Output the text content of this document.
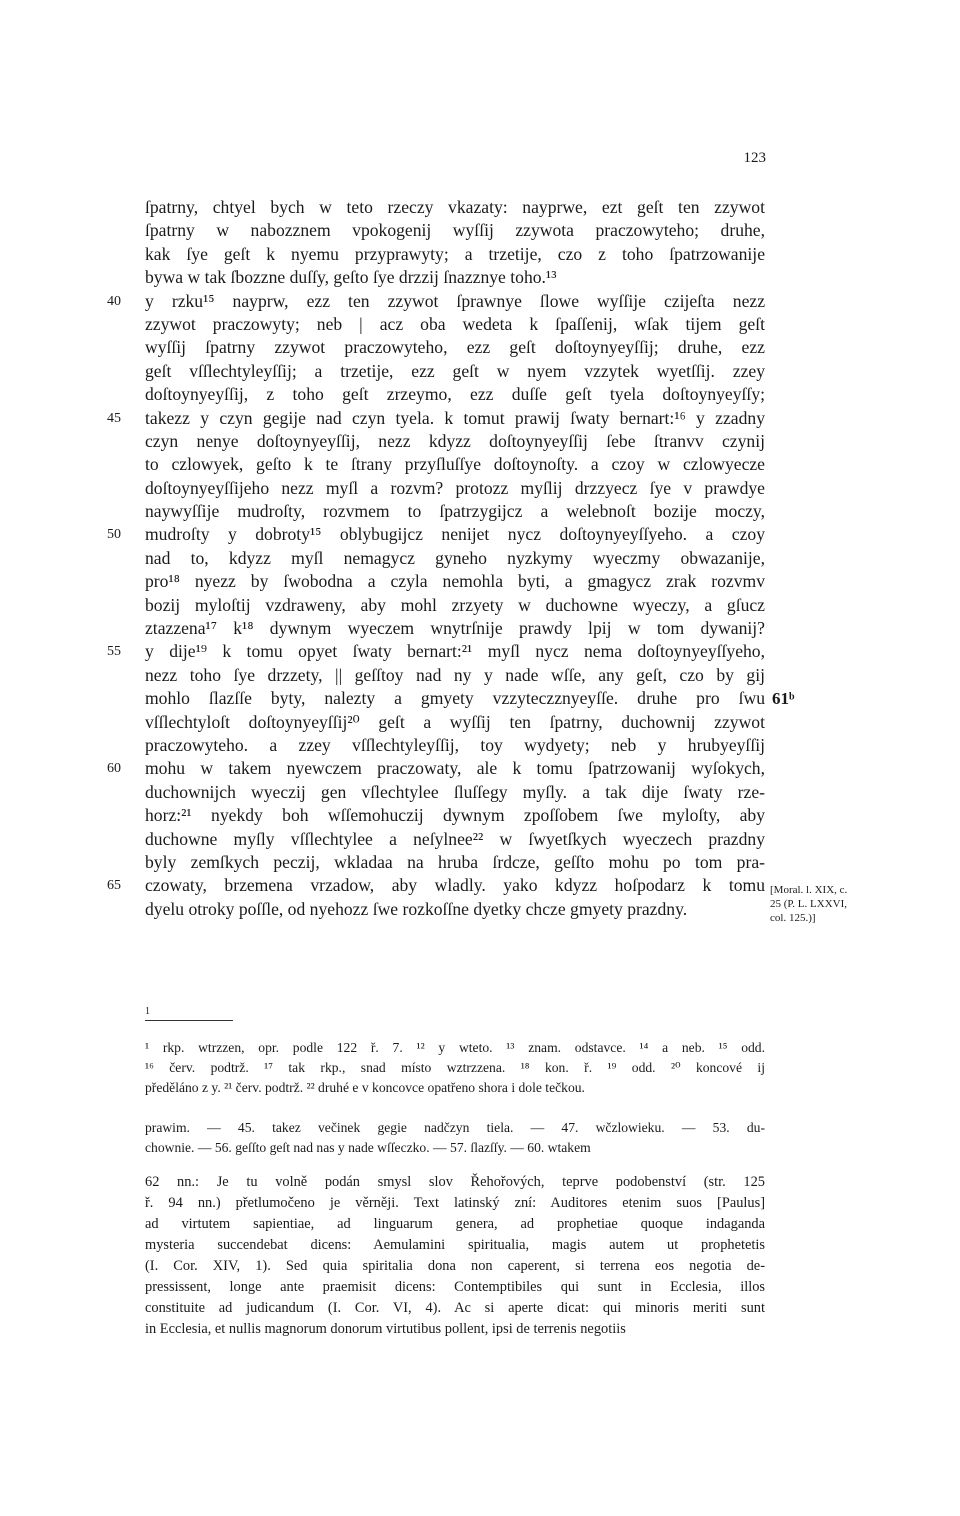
123
ſpatrny, chtyel bych w teto rzeczy vkazaty: nayprwe, ezt geſt ten zzywot
ſpatrny w nabozznem vpokogenij wyſſij zzywota praczowyteho; druhe,
kak ſye geſt k nyemu przyprawyty; a trzetije, czo z toho ſpatrzowanije
bywa w tak ſbozzne duſſy, geſto ſye drzzij ſnazznye toho.¹³
40	y rzku¹⁵ nayprw, ezz ten zzywot ſprawnye ſlowe wyſſije czijeſta nezz
zzywot praczowyty; neb | acz oba wedeta k ſpaſſenij, wſak tijem geſt
wyſſij ſpatrny zzywot praczowyteho, ezz geſt doſtoynyeyſſij; druhe, ezz
geſt vſſlechtyleyſſij; a trzetije, ezz geſt w nyem vzzytek wyetſſij. zzey
doſtoynyeyſſij, z toho geſt zrzeymo, ezz duſſe geſt tyela doſtoynyeyſſy;
45	takezz y czyn gegije nad czyn tyela. k tomut prawij ſwaty bernart:¹⁶ y zzadny
czyn nenye doſtoynyeyſſij, nezz kdyzz doſtoynyeyſſij ſebe ſtranvv czynij
to czlowyek, geſto k te ſtrany przyſluſſye doſtoynoſty. a czoy w czlowyecze
doſtoynyeyſſijeho nezz myſl a rozvm? protozz myſlij drzzyecz ſye v prawdye
naywyſſije mudroſty, rozvmem to ſpatrzygijcz a welebnoſt bozije moczy,
50	mudroſty y dobroty¹⁵ oblybugijcz nenijet nycz doſtoynyeyſſyeho. a czoy
nad to, kdyzz myſl nemagycz gyneho nyzkymy wyeczmy obwazanije,
pro¹⁸ nyezz by ſwobodna a czyla nemohla byti, a gmagycz zrak rozvmv
bozij myloſtij vzdraweny, aby mohl zrzyety w duchowne wyeczy, a gſucz
ztazzena¹⁷ k¹⁸ dywnym wyeczem wnytrſnije prawdy lpij w tom dywanij?
55	y dije¹⁹ k tomu opyet ſwaty bernart:²¹ myſl nycz nema doſtoynyeyſſyeho,
nezz toho ſye drzzety, || geſſtoy nad ny y nade wſſe, any geſt, czo by gij
61ᵇ
mohlo ſlazſſe byty, nalezty a gmyety vzzyteczznyeyſſe. druhe pro ſwu
vſſlechtyloſt doſtoynyeyſſij²⁰ geſt a wyſſij ten ſpatrny, duchownij zzywot
praczowyteho. a zzey vſſlechtyleyſſij, toy wydyety; neb y hrubyeyſſij
60	mohu w takem nyewczem praczowaty, ale k tomu ſpatrzowanij wyſokych,
duchownijch wyeczij gen vſlechtylee ſluſſegy myſly. a tak dije ſwaty rze-
horz:²¹ nyekdy boh wſſemohuczij dywnym zpoſſobem ſwe myloſty, aby
duchowne myſly vſſlechtylee a neſylnee²² w ſwyetſkych wyeczech prazdny
byly zemſkych peczij, wkladaa na hruba ſrdcze, geſſto mohu po tom pra-
65	czowaty, brzemena vrzadow, aby wladly. yako kdyzz hoſpodarz k tomu
dyelu otroky poſſle, od nyehozz ſwe rozkoſſne dyetky chcze gmyety prazdny.
[Moral. l. XIX, c. 25 (P. L. LXXVI, col. 125.)]
1
¹ rkp. wtrzzen, opr. podle 122 ř. 7. ¹² y wteto. ¹³ znam. odstavce. ¹⁴ a neb. ¹⁵ odd.
¹⁶ červ. podtrž. ¹⁷ tak rkp., snad místo wztrzzena. ¹⁸ kon. ř. ¹⁹ odd. ²⁰ koncové ij
předěláno z y. ²¹ červ. podtrž. ²² druhé e v koncovce opatřeno shora i dole tečkou.
prawim. — 45. takez večinek gegie nadčzyn tiela. — 47. wčzlowieku. — 53. du-
chownie. — 56. geſſto geſt nad nas y nade wſſeczko. — 57. ſlazſſy. — 60. wtakem
62 nn.: Je tu volně podán smysl slov Řehořových, teprve podobenství (str. 125
ř. 94 nn.) přetlumočeno je věrněji. Text latinský zní: Auditores etenim suos [Paulus]
ad virtutem sapientiae, ad linguarum genera, ad prophetiae quoque indaganda
mysteria succendebat dicens: Aemulamini spiritualia, magis autem ut prophetetis
(I. Cor. XIV, 1). Sed quia spiritalia dona non caperent, si terrena eos negotia de-
pressissent, longe ante praemisit dicens: Contemptibiles qui sunt in Ecclesia, illos
constituite ad judicandum (I. Cor. VI, 4). Ac si aperte dicat: qui minoris meriti sunt
in Ecclesia, et nullis magnorum donorum virtutibus pollent, ipsi de terrenis negotiis
